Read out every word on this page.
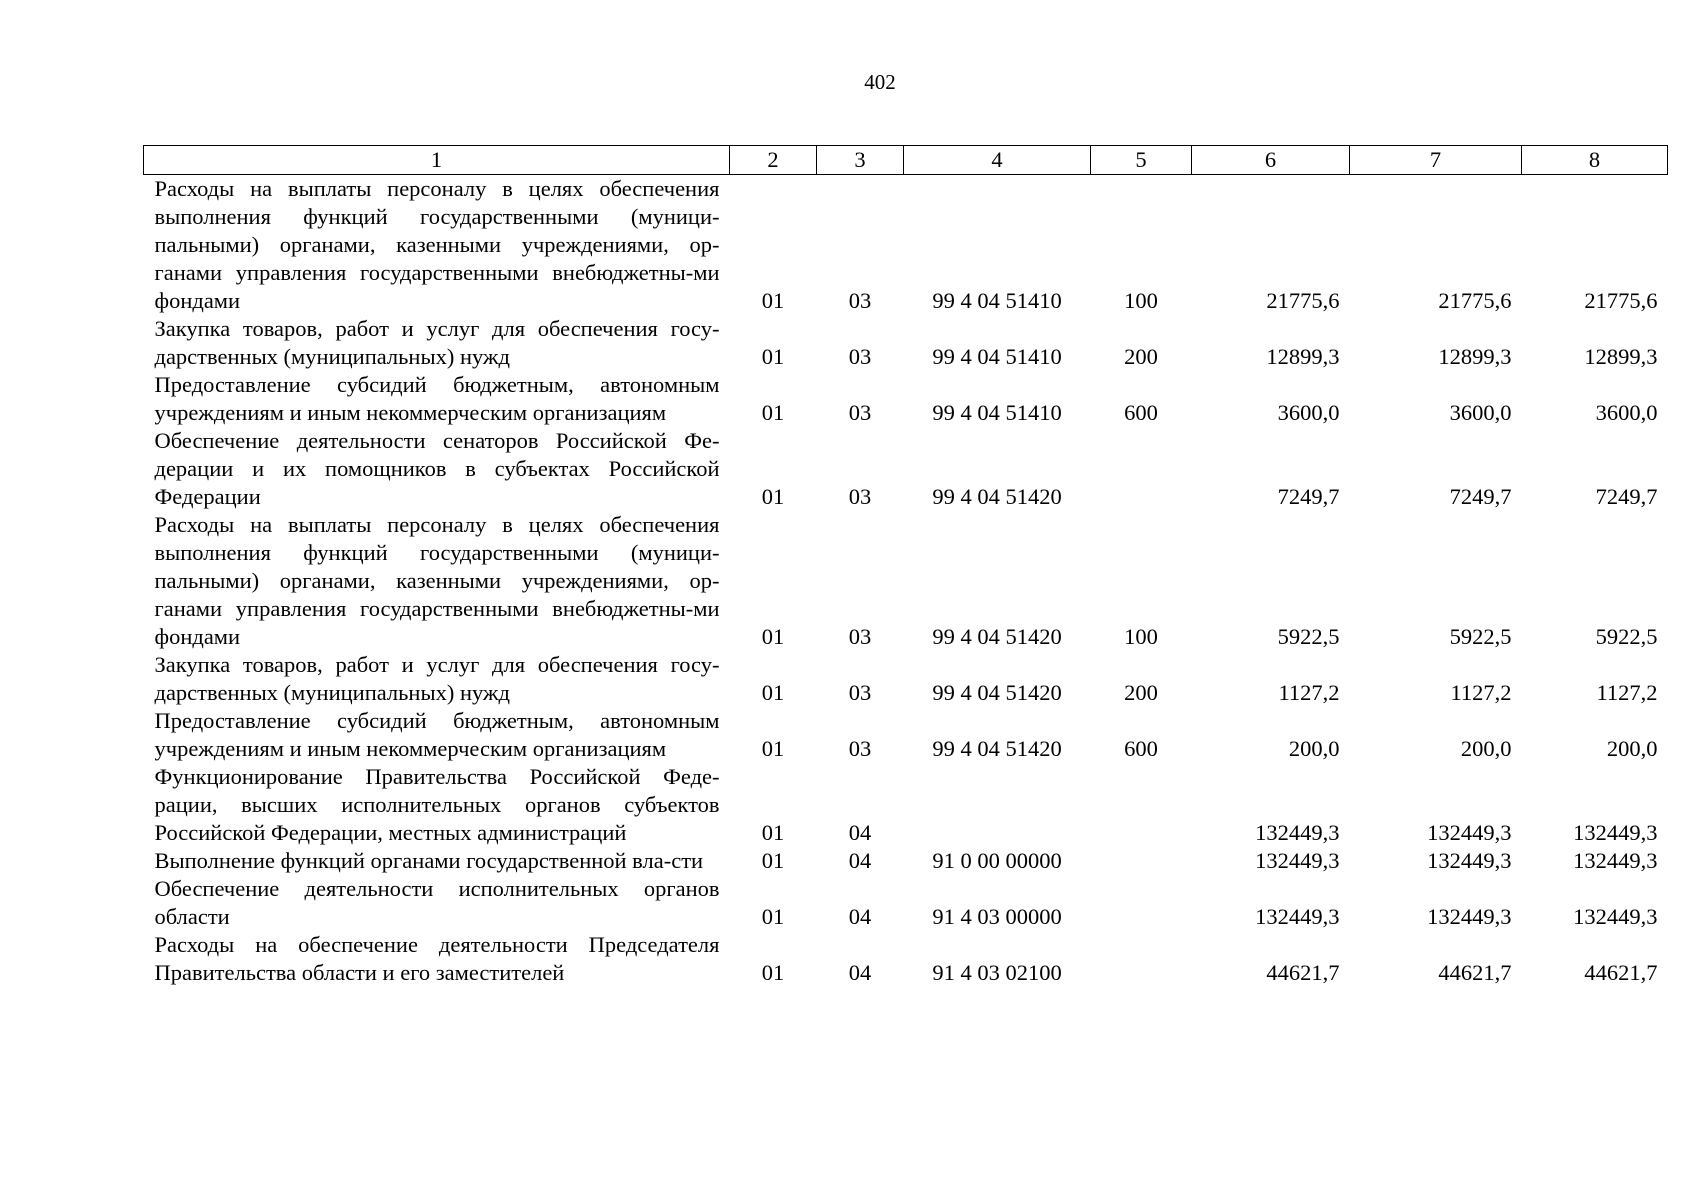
402
1	2	3	4	5	6	7	8
Расходы на выплаты персоналу в целях обеспечения выполнения функций государственными (муници-пальными) органами, казенными учреждениями, ор-ганами управления государственными внебюджетны-ми фондами	01	03	99 4 04 51410	100	21775,6	21775,6	21775,6
Закупка товаров, работ и услуг для обеспечения госу-дарственных (муниципальных) нужд	01	03	99 4 04 51410	200	12899,3	12899,3	12899,3
Предоставление субсидий бюджетным, автономным учреждениям и иным некоммерческим организациям	01	03	99 4 04 51410	600	3600,0	3600,0	3600,0
Обеспечение деятельности сенаторов Российской Фе-дерации и их помощников в субъектах Российской Федерации	01	03	99 4 04 51420		7249,7	7249,7	7249,7
Расходы на выплаты персоналу в целях обеспечения выполнения функций государственными (муници-пальными) органами, казенными учреждениями, ор-ганами управления государственными внебюджетны-ми фондами	01	03	99 4 04 51420	100	5922,5	5922,5	5922,5
Закупка товаров, работ и услуг для обеспечения госу-дарственных (муниципальных) нужд	01	03	99 4 04 51420	200	1127,2	1127,2	1127,2
Предоставление субсидий бюджетным, автономным учреждениям и иным некоммерческим организациям	01	03	99 4 04 51420	600	200,0	200,0	200,0
Функционирование Правительства Российской Феде-рации, высших исполнительных органов субъектов Российской Федерации, местных администраций	01	04			132449,3	132449,3	132449,3
Выполнение функций органами государственной вла-сти	01	04	91 0 00 00000		132449,3	132449,3	132449,3
Обеспечение деятельности исполнительных органов области	01	04	91 4 03 00000		132449,3	132449,3	132449,3
Расходы на обеспечение деятельности Председателя Правительства области и его заместителей	01	04	91 4 03 02100		44621,7	44621,7	44621,7
